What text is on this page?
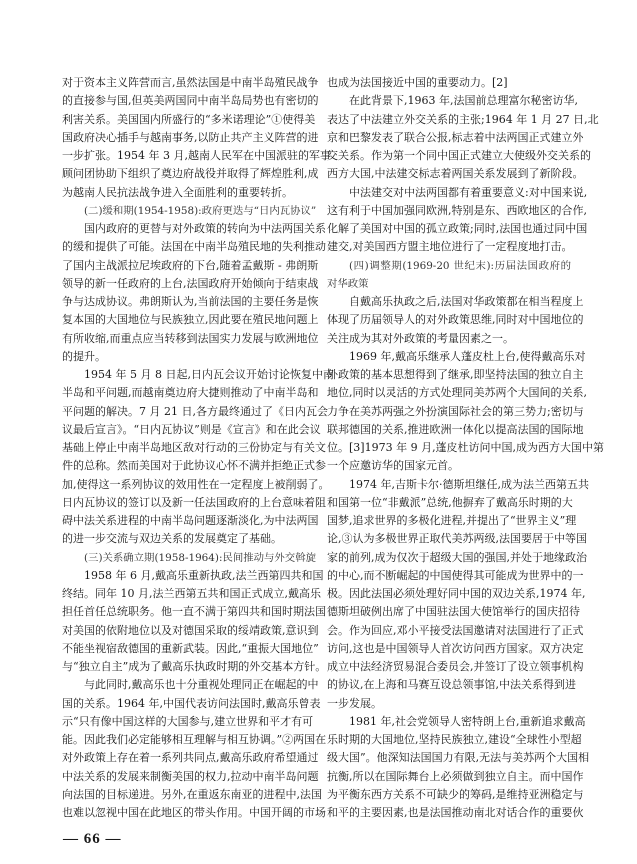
对于资本主义阵营而言,虽然法国是中南半岛殖民战争
的直接参与国,但英美两国同中南半岛局势也有密切的
利害关系。美国国内所盛行的“多米诺理论”①使得美
国政府决心插手与越南事务,以防止共产主义阵营的进
一步扩张。1954 年 3 月,越南人民军在中国派驻的军事
顾问团协助下组织了奠边府战役并取得了辉煌胜利,成
为越南人民抗法战争进入全面胜利的重要转折。
(二)缓和期(1954-1958):政府更迭与“日内瓦协议”
国内政府的更替与对外政策的转向为中法两国关系
的缓和提供了可能。法国在中南半岛殖民地的失利推动
了国内主战派拉尼埃政府的下台,随着孟戴斯 - 弗朗斯
领导的新一任政府的上台,法国政府开始倾向于结束战
争与达成协议。弗朗斯认为,当前法国的主要任务是恢
复本国的大国地位与民族独立,因此要在殖民地问题上
有所收缩,而重点应当转移到法国实力发展与欧洲地位
的提升。
1954 年 5 月 8 日起,日内瓦会议开始讨论恢复中南
半岛和平问题,而越南奠边府大捷则推动了中南半岛和
平问题的解决。7 月 21 日,各方最终通过了《日内瓦会
议最后宣言》。“日内瓦协议”则是《宣言》和在此会议
基础上停止中南半岛地区敌对行动的三份协定与有关文
件的总称。然而美国对于此协议心怀不满并拒绝正式参
加,使得这一系列协议的效用性在一定程度上被削弱了。
日内瓦协议的签订以及新一任法国政府的上台意味着阻
碍中法关系进程的中南半岛问题逐渐淡化,为中法两国
的进一步交流与双边关系的发展奠定了基础。
(三)关系确立期(1958-1964):民间推动与外交斡旋
1958 年 6 月,戴高乐重新执政,法兰西第四共和国
终结。同年 10 月,法兰西第五共和国正式成立,戴高乐
担任首任总统职务。他一直不满于第四共和国时期法国
对美国的依附地位以及对德国采取的绥靖政策,意识到
不能坐视宿敌德国的重新武装。因此,“重振大国地位”
与“独立自主”成为了戴高乐执政时期的外交基本方针。
与此同时,戴高乐也十分重视处理同正在崛起的中
国的关系。1964 年,中国代表访问法国时,戴高乐曾表
示“只有像中国这样的大国参与,建立世界和平才有可
能。因此我们必定能够相互理解与相互协调。”②两国在
对外政策上存在着一系列共同点,戴高乐政府希望通过
中法关系的发展来制衡美国的权力,拉动中南半岛问题
向法国的目标递进。另外,在重返东南亚的进程中,法国
也难以忽视中国在此地区的带头作用。中国开阔的市场
也成为法国接近中国的重要动力。[2]
在此背景下,1963 年,法国前总理富尔秘密访华,
表达了中法建立外交关系的主张;1964 年 1 月 27 日,北
京和巴黎发表了联合公报,标志着中法两国正式建立外
交关系。作为第一个同中国正式建立大使级外交关系的
西方大国,中法建交标志着两国关系发展到了新阶段。
中法建交对中法两国都有着重要意义:对中国来说,
这有利于中国加强同欧洲,特别是东、西欧地区的合作,
化解了美国对中国的孤立政策;同时,法国也通过同中国
建交,对美国西方盟主地位进行了一定程度地打击。
(四)调整期(1969-20 世纪末):历届法国政府的
对华政策
自戴高乐执政之后,法国对华政策都在相当程度上
体现了历届领导人的对外政策思维,同时对中国地位的
关注成为其对外政策的考量因素之一。
1969 年,戴高乐继承人蓬皮杜上台,使得戴高乐对
外政策的基本思想得到了继承,即坚持法国的独立自主
地位,同时以灵活的方式处理同美苏两个大国间的关系,
力争在美苏两强之外扮演国际社会的第三势力;密切与
联邦德国的关系,推进欧洲一体化以提高法国的国际地
位。[3]1973 年 9 月,蓬皮杜访问中国,成为西方大国中第
一个应邀访华的国家元首。
1974 年,吉斯卡尔·德斯坦继任,成为法兰西第五共
和国第一位“非戴派”总统,他摒弃了戴高乐时期的大
国梦,追求世界的多极化进程,并提出了“世界主义”理
论,③认为多极世界正取代美苏两级,法国要居于中等国
家的前列,成为仅次于超级大国的强国,并处于地缘政治
的中心,而不断崛起的中国使得其可能成为世界中的一
极。因此法国必须处理好同中国的双边关系,1974 年,
德斯坦破例出席了中国驻法国大使馆举行的国庆招待
会。作为回应,邓小平接受法国邀请对法国进行了正式
访问,这也是中国领导人首次访问西方国家。双方决定
成立中法经济贸易混合委员会,并签订了设立领事机构
的协议,在上海和马赛互设总领事馆,中法关系得到进
一步发展。
1981 年,社会党领导人密特朗上台,重新追求戴高
乐时期的大国地位,坚持民族独立,建设“全球性小型超
级大国”。他深知法国国力有限,无法与美苏两个大国相
抗衡,所以在国际舞台上必须做到独立自主。而中国作
为平衡东西方关系不可缺少的筹码,是维持亚洲稳定与
和平的主要因素,也是法国推动南北对话合作的重要伙
— 66 —
